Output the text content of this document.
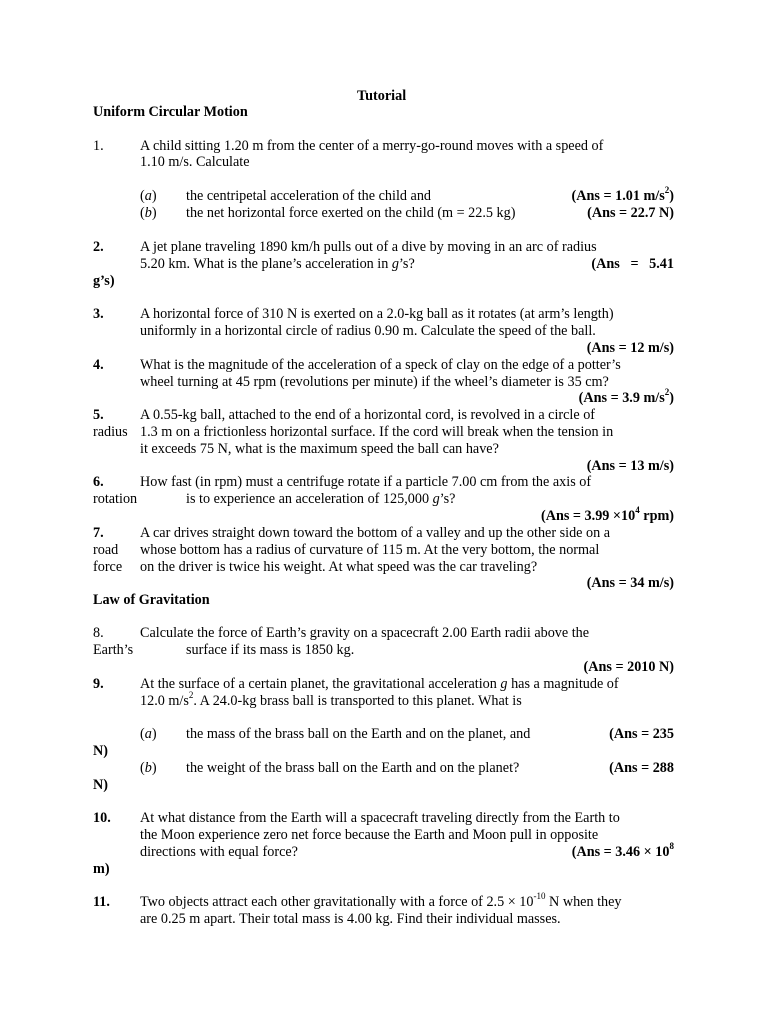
Tutorial
Uniform Circular Motion
1.	A child sitting 1.20 m from the center of a merry-go-round moves with a speed of
1.10 m/s. Calculate
(a) the centripetal acceleration of the child and	(Ans = 1.01 $m/s^2$)
(b) the net horizontal force exerted on the child (m = 22.5 kg)	(Ans = 22.7 N)
2.	A jet plane traveling 1890 km/h pulls out of a dive by moving in an arc of radius
5.20 km. What is the plane’s acceleration in g’s?	(Ans   =   5.41
g’s)
3.	A horizontal force of 310 N is exerted on a 2.0-kg ball as it rotates (at arm’s length)
uniformly in a horizontal circle of radius 0.90 m. Calculate the speed of the ball.
(Ans = 12 m/s)
4.	What is the magnitude of the acceleration of a speck of clay on the edge of a potter’s
wheel turning at 45 rpm (revolutions per minute) if the wheel’s diameter is 35 cm?
(Ans = 3.9 $m/s^2$)
5.	A 0.55-kg ball, attached to the end of a horizontal cord, is revolved in a circle of
radius 1.3 m on a frictionless horizontal surface. If the cord will break when the tension in
it exceeds 75 N, what is the maximum speed the ball can have?
(Ans = 13 m/s)
6.	How fast (in rpm) must a centrifuge rotate if a particle 7.00 cm from the axis of
rotation	is to experience an acceleration of 125,000 g’s?
($Ans = 3.99 \times 10^4$ rpm)
7.	A car drives straight down toward the bottom of a valley and up the other side on a
road whose bottom has a radius of curvature of 115 m. At the very bottom, the normal
force on the driver is twice his weight. At what speed was the car traveling?
(Ans = 34 m/s)
Law of Gravitation
8.	Calculate the force of Earth’s gravity on a spacecraft 2.00 Earth radii above the
Earth’s	surface if its mass is 1850 kg.
(Ans = 2010 N)
9.	At the surface of a certain planet, the gravitational acceleration g has a magnitude of
12.0 $m/s^2$. A 24.0-kg brass ball is transported to this planet. What is
(a) the mass of the brass ball on the Earth and on the planet, and	(Ans = 235
N)
(b) the weight of the brass ball on the Earth and on the planet?	(Ans = 288
N)
10. At what distance from the Earth will a spacecraft traveling directly from the Earth to
the Moon experience zero net force because the Earth and Moon pull in opposite
directions with equal force?	($Ans = 3.46 \times 10^8$
m)
11. Two objects attract each other gravitationally with a force of $2.5 \times 10^{-10}$ N when they
are 0.25 m apart. Their total mass is 4.00 kg. Find their individual masses.
